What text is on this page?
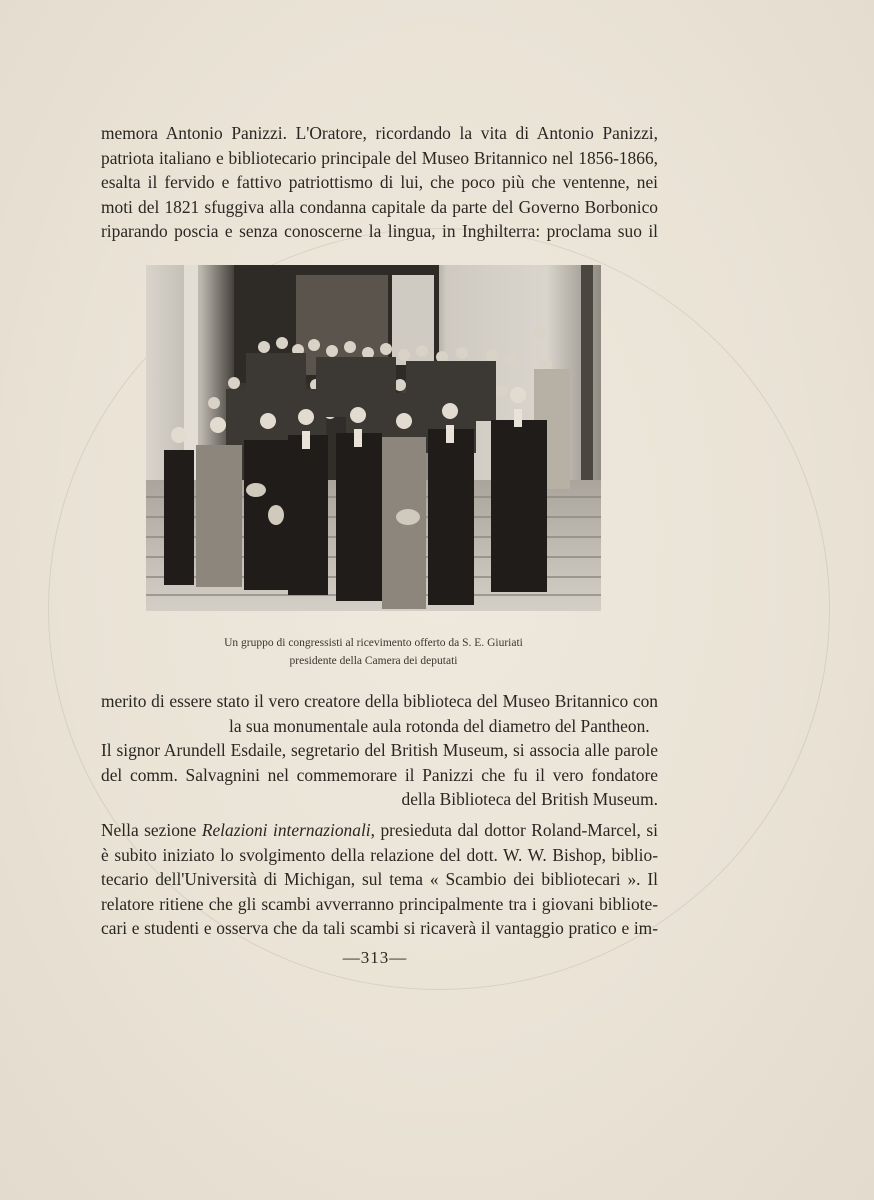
memora Antonio Panizzi. L'Oratore, ricordando la vita di Antonio Panizzi,
patriota italiano e bibliotecario principale del Museo Britannico nel 1856-1866,
esalta il fervido e fattivo patriottismo di lui, che poco più che ventenne, nei
moti del 1821 sfuggiva alla condanna capitale da parte del Governo Borbonico
riparando poscia e senza conoscerne la lingua, in Inghilterra: proclama suo il

Un gruppo di congressisti al ricevimento offerto da S. E. Giuriati
presidente della Camera dei deputati

merito di essere stato il vero creatore della biblioteca del Museo Britannico con
la sua monumentale aula rotonda del diametro del Pantheon.
Il signor Arundell Esdaile, segretario del British Museum, si associa alle parole
del comm. Salvagnini nel commemorare il Panizzi che fu il vero fondatore
della Biblioteca del British Museum.

Nella sezione Relazioni internazionali, presieduta dal dottor Roland-Marcel, si
è subito iniziato lo svolgimento della relazione del dott. W. W. Bishop, biblio-
tecario dell'Università di Michigan, sul tema « Scambio dei bibliotecari ». Il
relatore ritiene che gli scambi avverranno principalmente tra i giovani bibliote-
cari e studenti e osserva che da tali scambi si ricaverà il vantaggio pratico e im-

—313—
